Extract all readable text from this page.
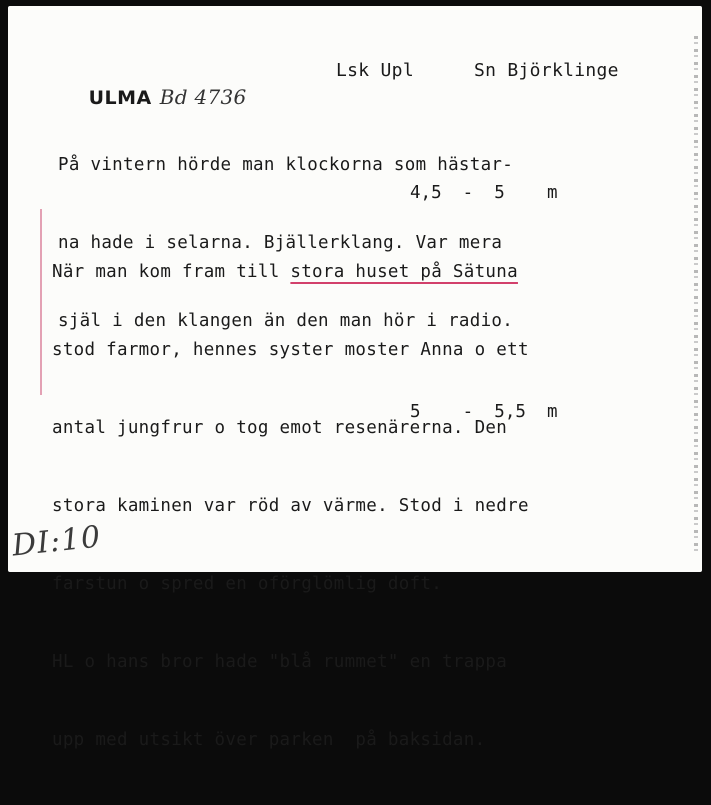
ULMA Bd 4736

Lsk Upl

	Sn Björklinge

På vintern hörde man klockorna som hästar-

na hade i selarna. Bjällerklang. Var mera

själ i den klangen än den man hör i radio.

4,5  -  5    m

När man kom fram till stora huset på Sätuna

stod farmor, hennes syster moster Anna o ett

antal jungfrur o tog emot resenärerna. Den

stora kaminen var röd av värme. Stod i nedre

farstun o spred en oförglömlig doft.

HL o hans bror hade "blå rummet" en trappa

upp med utsikt över parken  på baksidan.

5    -  5,5  m
DI:10
